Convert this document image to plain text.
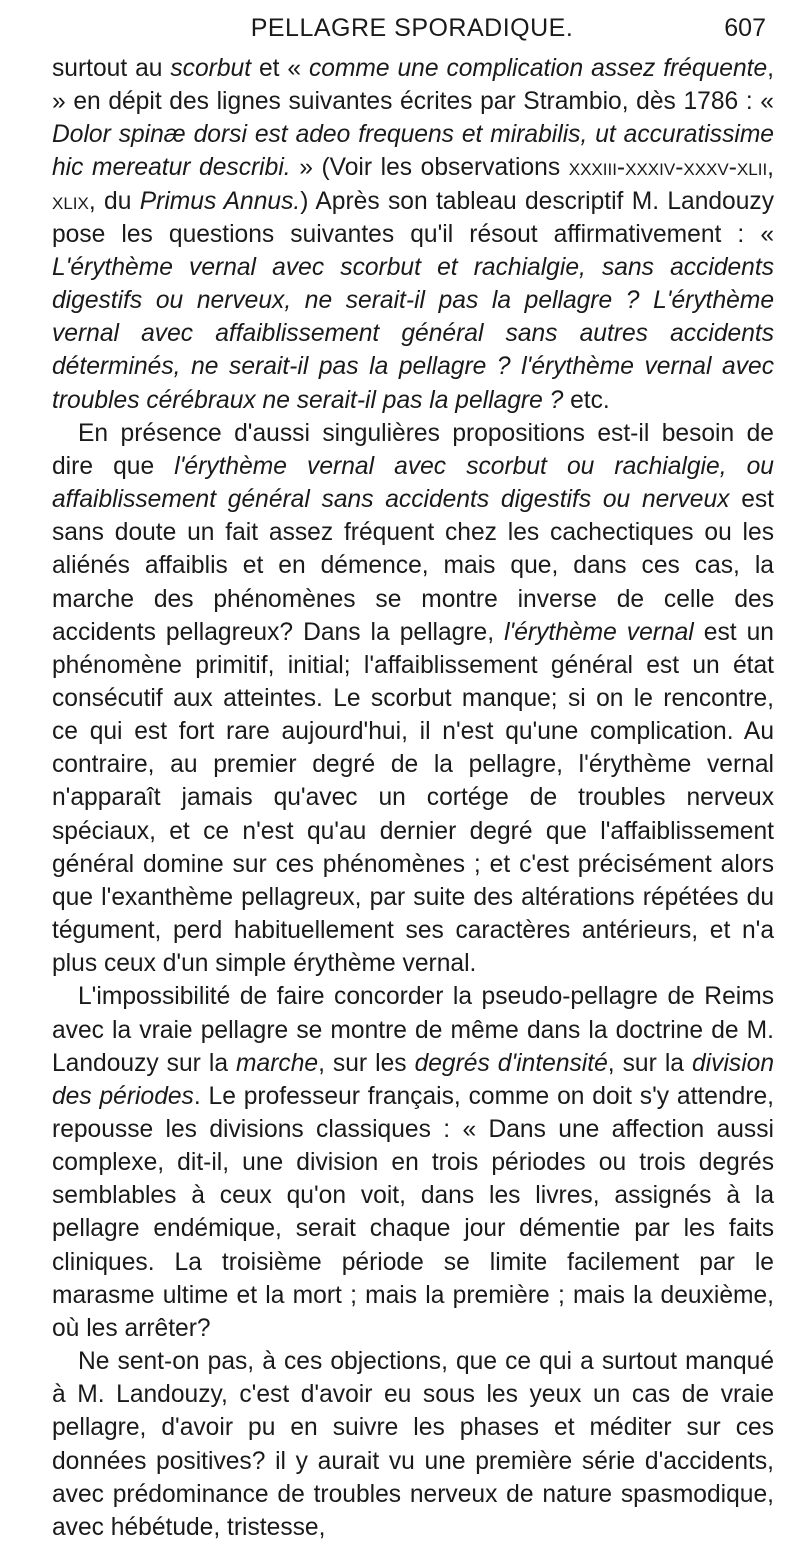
PELLAGRE SPORADIQUE.	607

surtout au scorbut et « comme une complication assez fréquente, » en dépit des lignes suivantes écrites par Strambio, dès 1786 : « Dolor spinæ dorsi est adeo frequens et mirabilis, ut accuratissime hic mereatur describi. » (Voir les observations xxxiii-xxxiv-xxxv-xlii, xlix, du Primus Annus.) Après son tableau descriptif M. Landouzy pose les questions suivantes qu'il résout affirmativement : « L'érythème vernal avec scorbut et rachialgie, sans accidents digestifs ou nerveux, ne serait-il pas la pellagre ? L'érythème vernal avec affaiblissement général sans autres accidents déterminés, ne serait-il pas la pellagre ? l'érythème vernal avec troubles cérébraux ne serait-il pas la pellagre ? etc.

En présence d'aussi singulières propositions est-il besoin de dire que l'érythème vernal avec scorbut ou rachialgie, ou affaiblissement général sans accidents digestifs ou nerveux est sans doute un fait assez fréquent chez les cachectiques ou les aliénés affaiblis et en démence, mais que, dans ces cas, la marche des phénomènes se montre inverse de celle des accidents pellagreux? Dans la pellagre, l'érythème vernal est un phénomène primitif, initial; l'affaiblissement général est un état consécutif aux atteintes. Le scorbut manque; si on le rencontre, ce qui est fort rare aujourd'hui, il n'est qu'une complication. Au contraire, au premier degré de la pellagre, l'érythème vernal n'apparaît jamais qu'avec un cortége de troubles nerveux spéciaux, et ce n'est qu'au dernier degré que l'affaiblissement général domine sur ces phénomènes ; et c'est précisément alors que l'exanthème pellagreux, par suite des altérations répétées du tégument, perd habituellement ses caractères antérieurs, et n'a plus ceux d'un simple érythème vernal.

L'impossibilité de faire concorder la pseudo-pellagre de Reims avec la vraie pellagre se montre de même dans la doctrine de M. Landouzy sur la marche, sur les degrés d'intensité, sur la division des périodes. Le professeur français, comme on doit s'y attendre, repousse les divisions classiques : « Dans une affection aussi complexe, dit-il, une division en trois périodes ou trois degrés semblables à ceux qu'on voit, dans les livres, assignés à la pellagre endémique, serait chaque jour démentie par les faits cliniques. La troisième période se limite facilement par le marasme ultime et la mort ; mais la première ; mais la deuxième, où les arrêter?

Ne sent-on pas, à ces objections, que ce qui a surtout manqué à M. Landouzy, c'est d'avoir eu sous les yeux un cas de vraie pellagre, d'avoir pu en suivre les phases et méditer sur ces données positives? il y aurait vu une première série d'accidents, avec prédominance de troubles nerveux de nature spasmodique, avec hébétude, tristesse,
